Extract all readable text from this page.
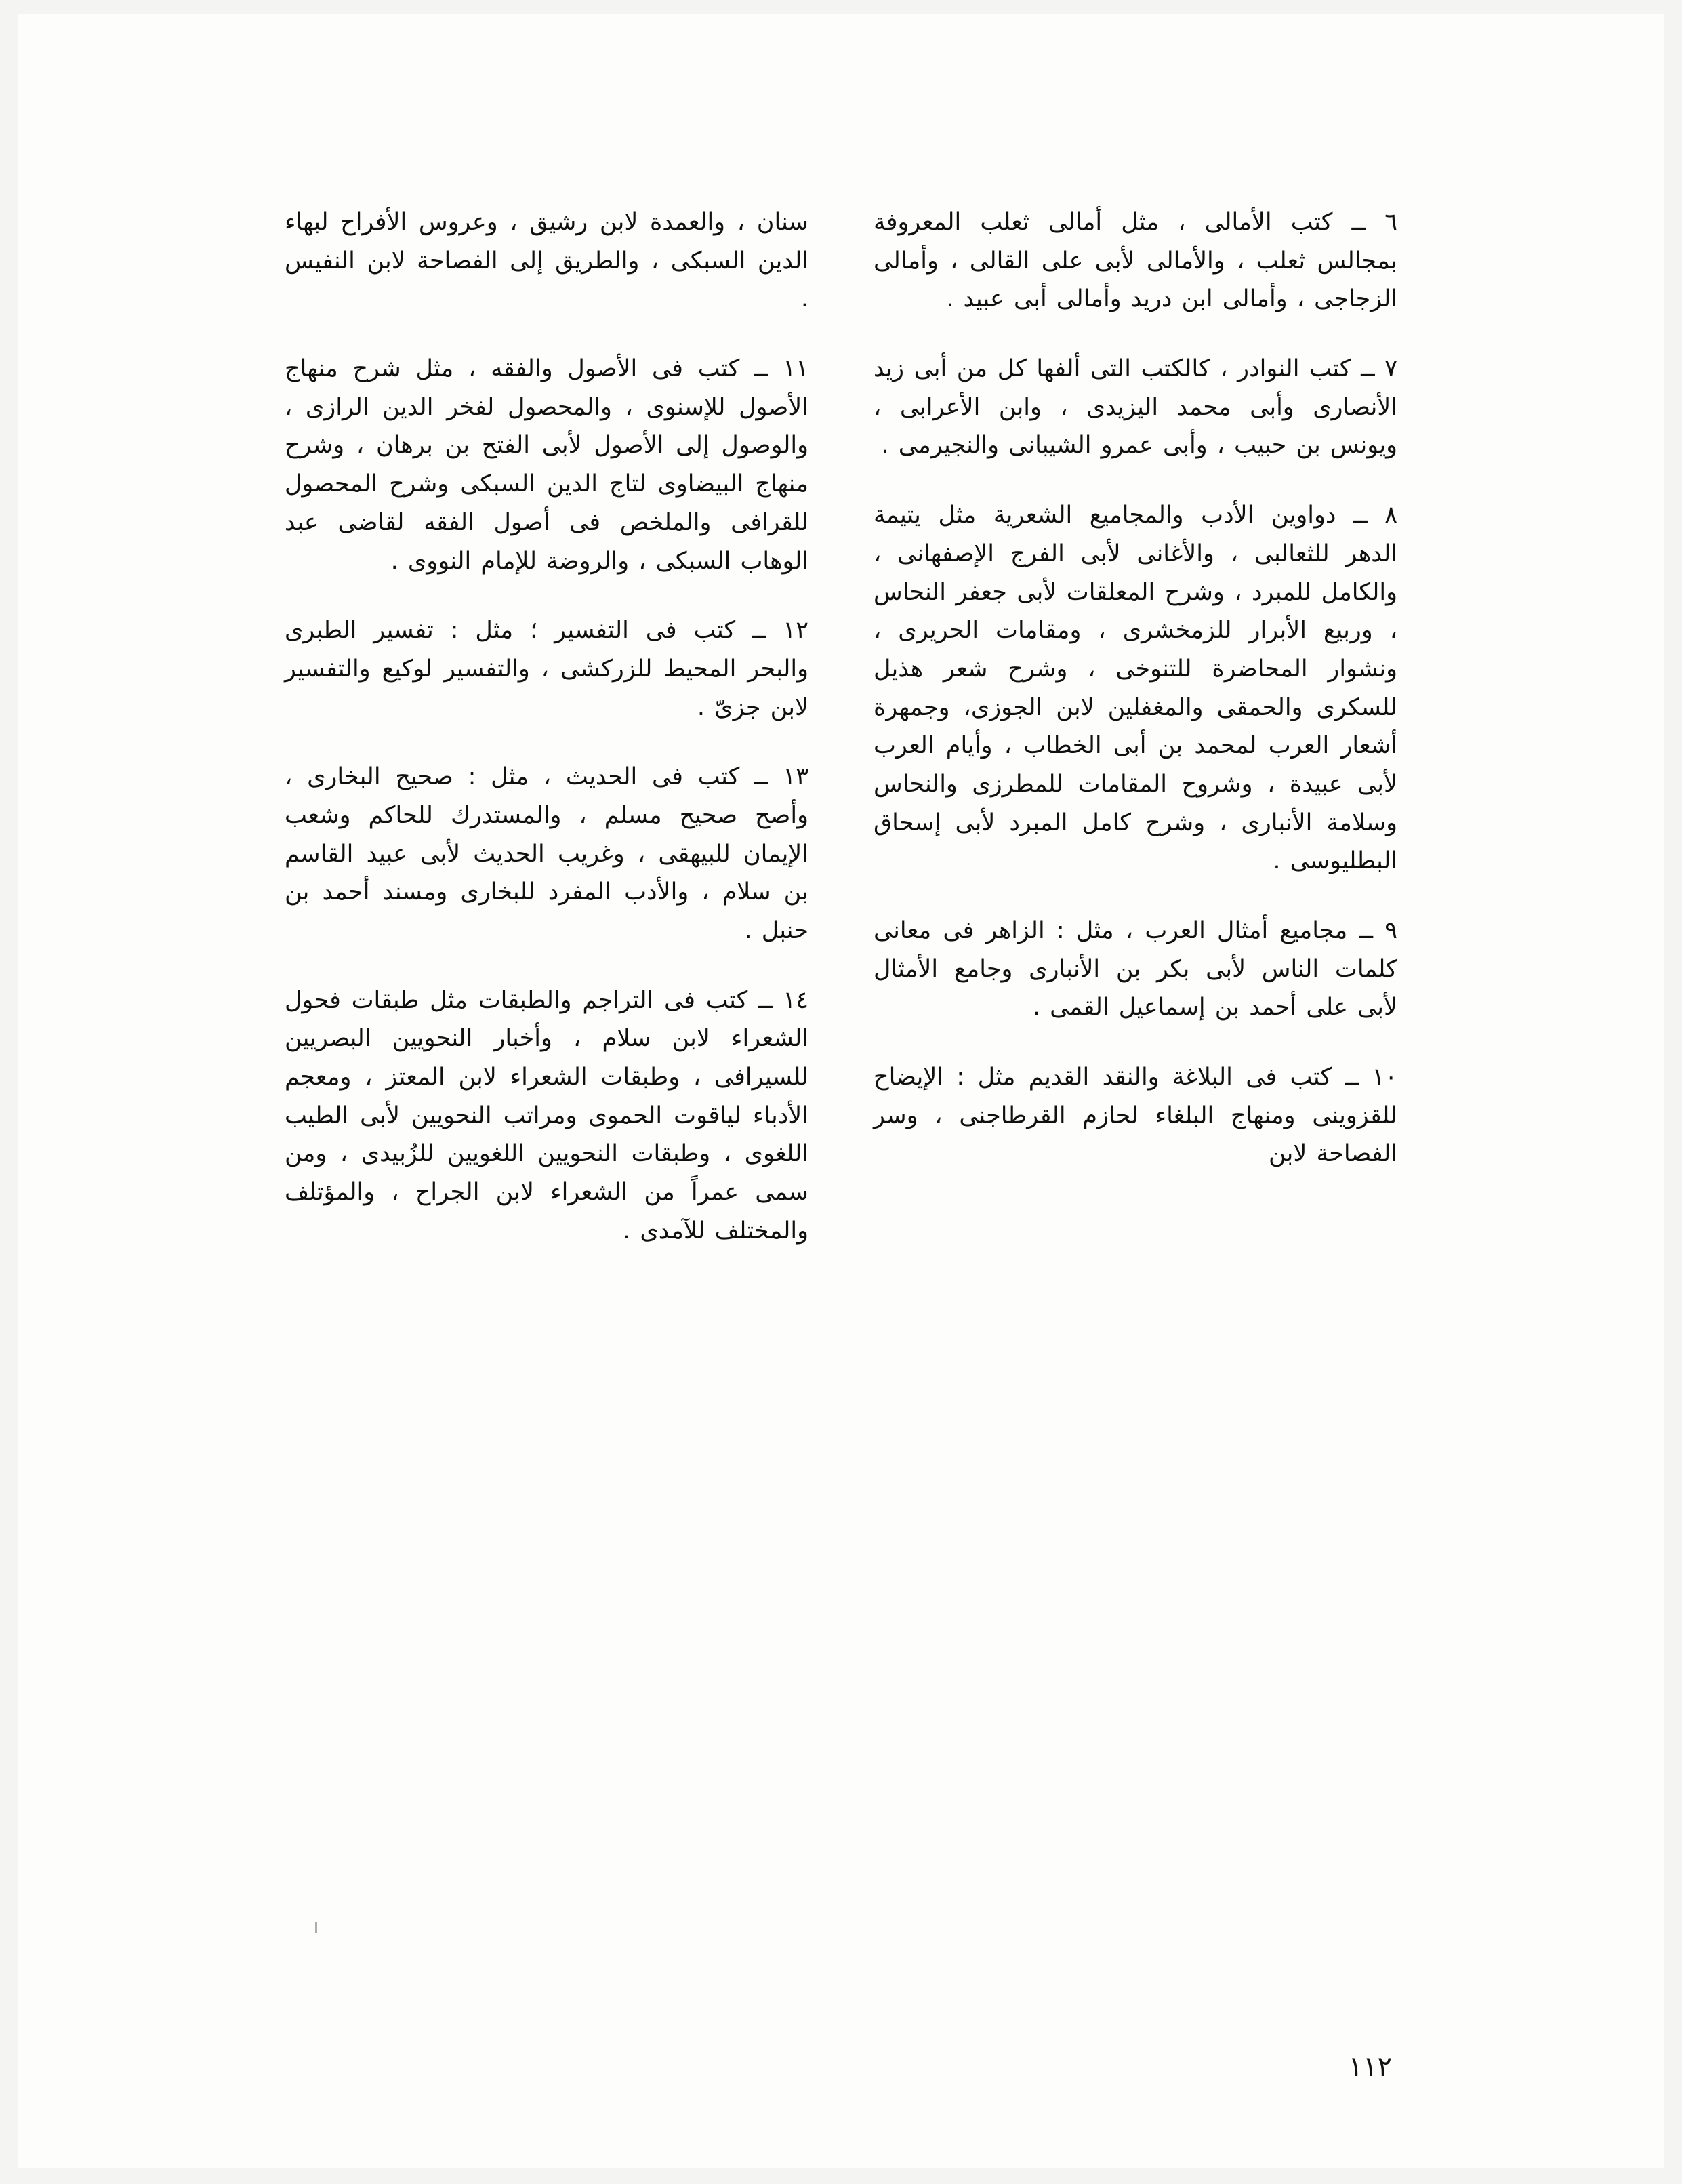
٦ ــ كتب الأمالى ، مثل أمالى ثعلب المعروفة بمجالس ثعلب ، والأمالى لأبى على القالى ، وأمالى الزجاجى ، وأمالى ابن دريد وأمالى أبى عبيد .

٧ ــ كتب النوادر ، كالكتب التى ألفها كل من أبى زيد الأنصارى وأبى محمد اليزيدى ، وابن الأعرابى ، ويونس بن حبيب ، وأبى عمرو الشيبانى والنجيرمى .

٨ ــ دواوين الأدب والمجاميع الشعرية مثل يتيمة الدهر للثعالبى ، والأغانى لأبى الفرج الإصفهانى ، والكامل للمبرد ، وشرح المعلقات لأبى جعفر النحاس ، وربيع الأبرار للزمخشرى ، ومقامات الحريرى ، ونشوار المحاضرة للتنوخى ، وشرح شعر هذيل للسكرى والحمقى والمغفلين لابن الجوزى، وجمهرة أشعار العرب لمحمد بن أبى الخطاب ، وأيام العرب لأبى عبيدة ، وشروح المقامات للمطرزى والنحاس وسلامة الأنبارى ، وشرح كامل المبرد لأبى إسحاق البطليوسى .

٩ ــ مجاميع أمثال العرب ، مثل : الزاهر فى معانى كلمات الناس لأبى بكر بن الأنبارى وجامع الأمثال لأبى على أحمد بن إسماعيل القمى .

١٠ ــ كتب فى البلاغة والنقد القديم مثل : الإيضاح للقزوينى ومنهاج البلغاء لحازم القرطاجنى ، وسر الفصاحة لابن

سنان ، والعمدة لابن رشيق ، وعروس الأفراح لبهاء الدين السبكى ، والطريق إلى الفصاحة لابن النفيس .

١١ ــ كتب فى الأصول والفقه ، مثل شرح منهاج الأصول للإسنوى ، والمحصول لفخر الدين الرازى ، والوصول إلى الأصول لأبى الفتح بن برهان ، وشرح منهاج البيضاوى لتاج الدين السبكى وشرح المحصول للقرافى والملخص فى أصول الفقه لقاضى عبد الوهاب السبكى ، والروضة للإمام النووى .

١٢ ــ كتب فى التفسير ؛ مثل : تفسير الطبرى والبحر المحيط للزركشى ، والتفسير لوكيع والتفسير لابن جزىّ .

١٣ ــ كتب فى الحديث ، مثل : صحيح البخارى ، وأصح صحيح مسلم ، والمستدرك للحاكم وشعب الإيمان للبيهقى ، وغريب الحديث لأبى عبيد القاسم بن سلام ، والأدب المفرد للبخارى ومسند أحمد بن حنبل .

١٤ ــ كتب فى التراجم والطبقات مثل طبقات فحول الشعراء لابن سلام ، وأخبار النحويين البصريين للسيرافى ، وطبقات الشعراء لابن المعتز ، ومعجم الأدباء لياقوت الحموى ومراتب النحويين لأبى الطيب اللغوى ، وطبقات النحويين اللغويين للزُبيدى ، ومن سمى عمراً من الشعراء لابن الجراح ، والمؤتلف والمختلف للآمدى .

١١٢
